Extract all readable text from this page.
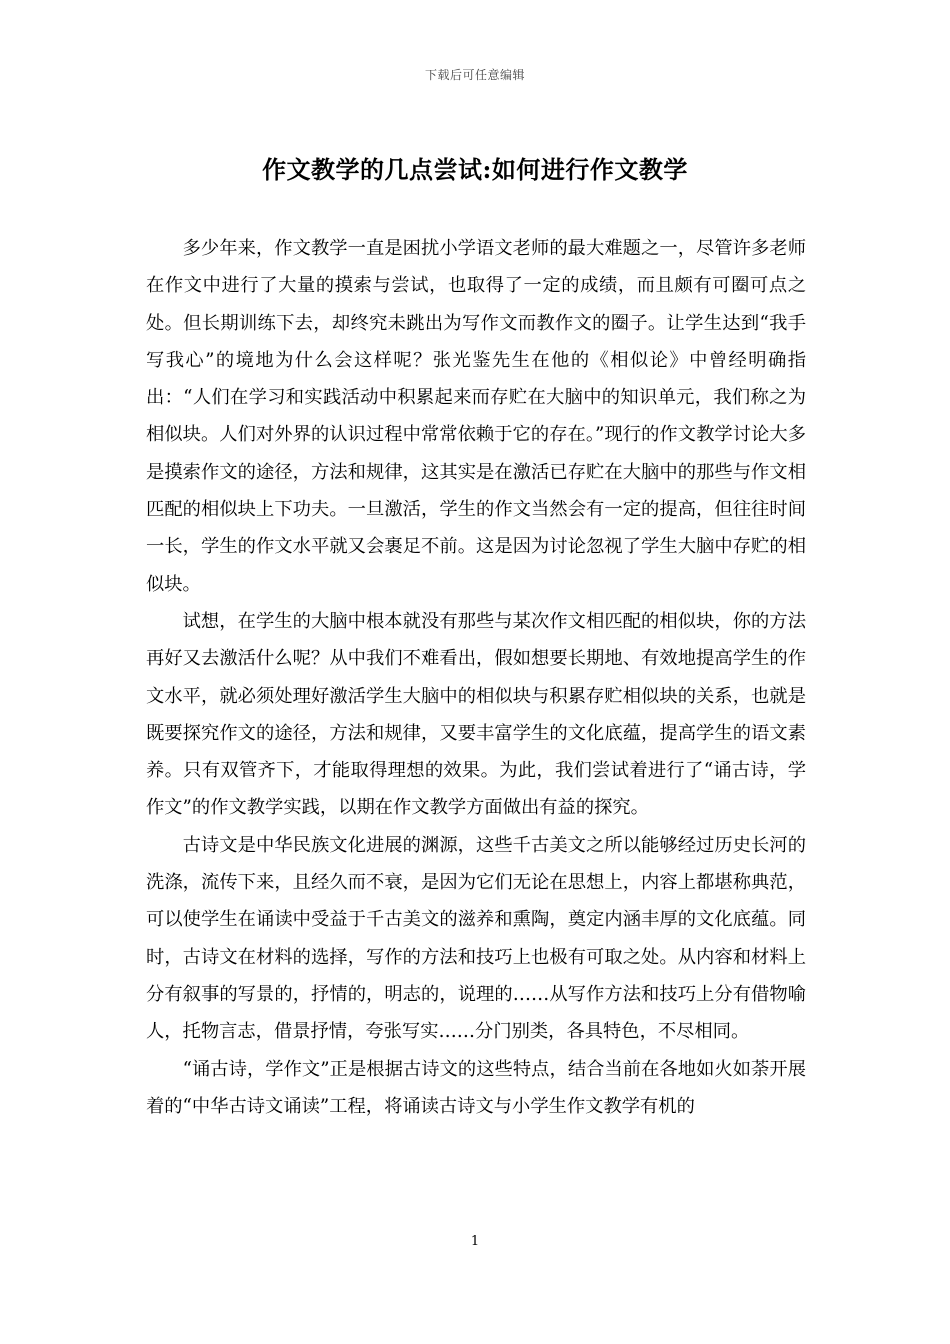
下载后可任意编辑
作文教学的几点尝试:如何进行作文教学

多少年来，作文教学一直是困扰小学语文老师的最大难题之一，尽管许多老师在作文中进行了大量的摸索与尝试，也取得了一定的成绩，而且颇有可圈可点之处。但长期训练下去，却终究未跳出为写作文而教作文的圈子。让学生达到“我手写我心”的境地为什么会这样呢？张光鉴先生在他的《相似论》中曾经明确指出：“人们在学习和实践活动中积累起来而存贮在大脑中的知识单元，我们称之为相似块。人们对外界的认识过程中常常依赖于它的存在。”现行的作文教学讨论大多是摸索作文的途径，方法和规律，这其实是在激活已存贮在大脑中的那些与作文相匹配的相似块上下功夫。一旦激活，学生的作文当然会有一定的提高，但往往时间一长，学生的作文水平就又会裹足不前。这是因为讨论忽视了学生大脑中存贮的相似块。

试想，在学生的大脑中根本就没有那些与某次作文相匹配的相似块，你的方法再好又去激活什么呢？从中我们不难看出，假如想要长期地、有效地提高学生的作文水平，就必须处理好激活学生大脑中的相似块与积累存贮相似块的关系，也就是既要探究作文的途径，方法和规律，又要丰富学生的文化底蕴，提高学生的语文素养。只有双管齐下，才能取得理想的效果。为此，我们尝试着进行了“诵古诗，学作文”的作文教学实践，以期在作文教学方面做出有益的探究。

古诗文是中华民族文化进展的渊源，这些千古美文之所以能够经过历史长河的洗涤，流传下来，且经久而不衰，是因为它们无论在思想上，内容上都堪称典范，可以使学生在诵读中受益于千古美文的滋养和熏陶，奠定内涵丰厚的文化底蕴。同时，古诗文在材料的选择，写作的方法和技巧上也极有可取之处。从内容和材料上分有叙事的写景的，抒情的，明志的，说理的……从写作方法和技巧上分有借物喻人，托物言志，借景抒情，夸张写实……分门别类，各具特色，不尽相同。

“诵古诗，学作文”正是根据古诗文的这些特点，结合当前在各地如火如荼开展着的“中华古诗文诵读”工程，将诵读古诗文与小学生作文教学有机的

1
